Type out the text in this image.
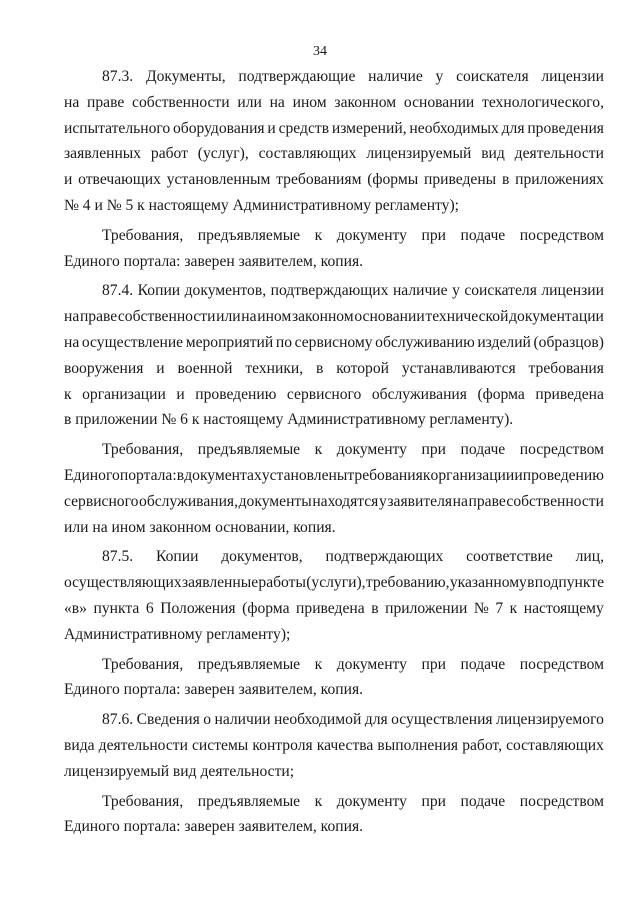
34
87.3. Документы, подтверждающие наличие у соискателя лицензии
на праве собственности или на ином законном основании технологического,
испытательного оборудования и средств измерений, необходимых для проведения
заявленных работ (услуг), составляющих лицензируемый вид деятельности
и отвечающих установленным требованиям (формы приведены в приложениях
№ 4 и № 5 к настоящему Административному регламенту);
Требования, предъявляемые к документу при подаче посредством
Единого портала: заверен заявителем, копия.
87.4. Копии документов, подтверждающих наличие у соискателя лицензии
на праве собственности или на ином законном основании технической документации
на осуществление мероприятий по сервисному обслуживанию изделий (образцов)
вооружения и военной техники, в которой устанавливаются требования
к организации и проведению сервисного обслуживания (форма приведена
в приложении № 6 к настоящему Административному регламенту).
Требования, предъявляемые к документу при подаче посредством
Единого портала: в документах установлены требования к организации и проведению
сервисного обслуживания, документы находятся у заявителя на праве собственности
или на ином законном основании, копия.
87.5. Копии документов, подтверждающих соответствие лиц,
осуществляющих заявленные работы (услуги), требованию, указанному в подпункте
«в» пункта 6 Положения (форма приведена в приложении № 7 к настоящему
Административному регламенту);
Требования, предъявляемые к документу при подаче посредством
Единого портала: заверен заявителем, копия.
87.6. Сведения о наличии необходимой для осуществления лицензируемого
вида деятельности системы контроля качества выполнения работ, составляющих
лицензируемый вид деятельности;
Требования, предъявляемые к документу при подаче посредством
Единого портала: заверен заявителем, копия.
